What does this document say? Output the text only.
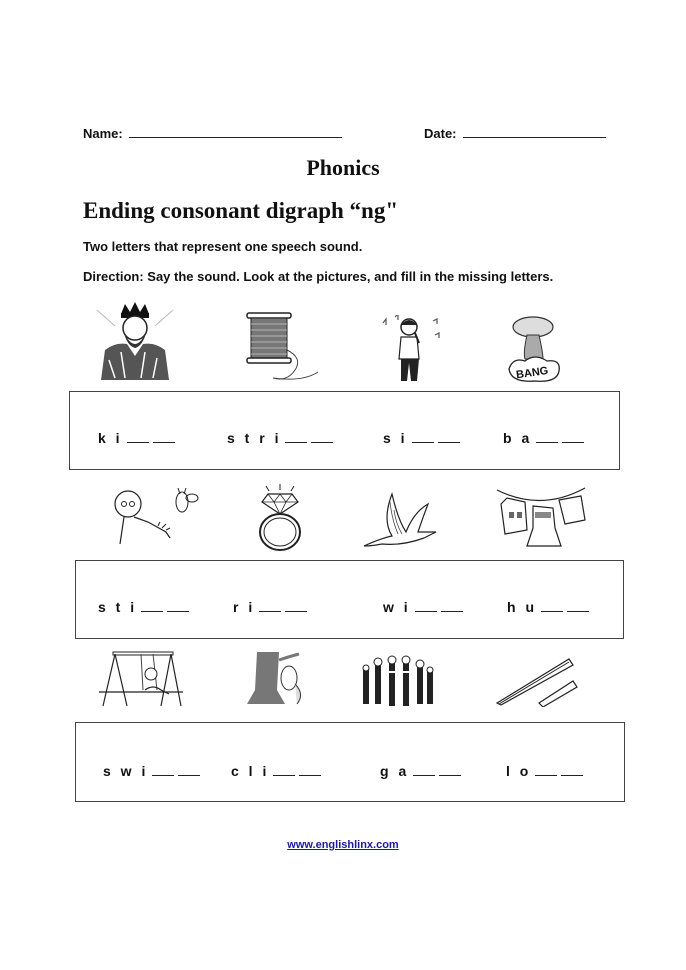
Name:	Date:
Phonics
Ending consonant digraph “ng"
Two letters that represent one speech sound.
Direction: Say the sound. Look at the pictures, and fill in the missing letters.
BANG
k i	s t r i	s i	b a
s t i	r i	w i	h u
s w i	c l i	g a	l o
www.englishlinx.com
